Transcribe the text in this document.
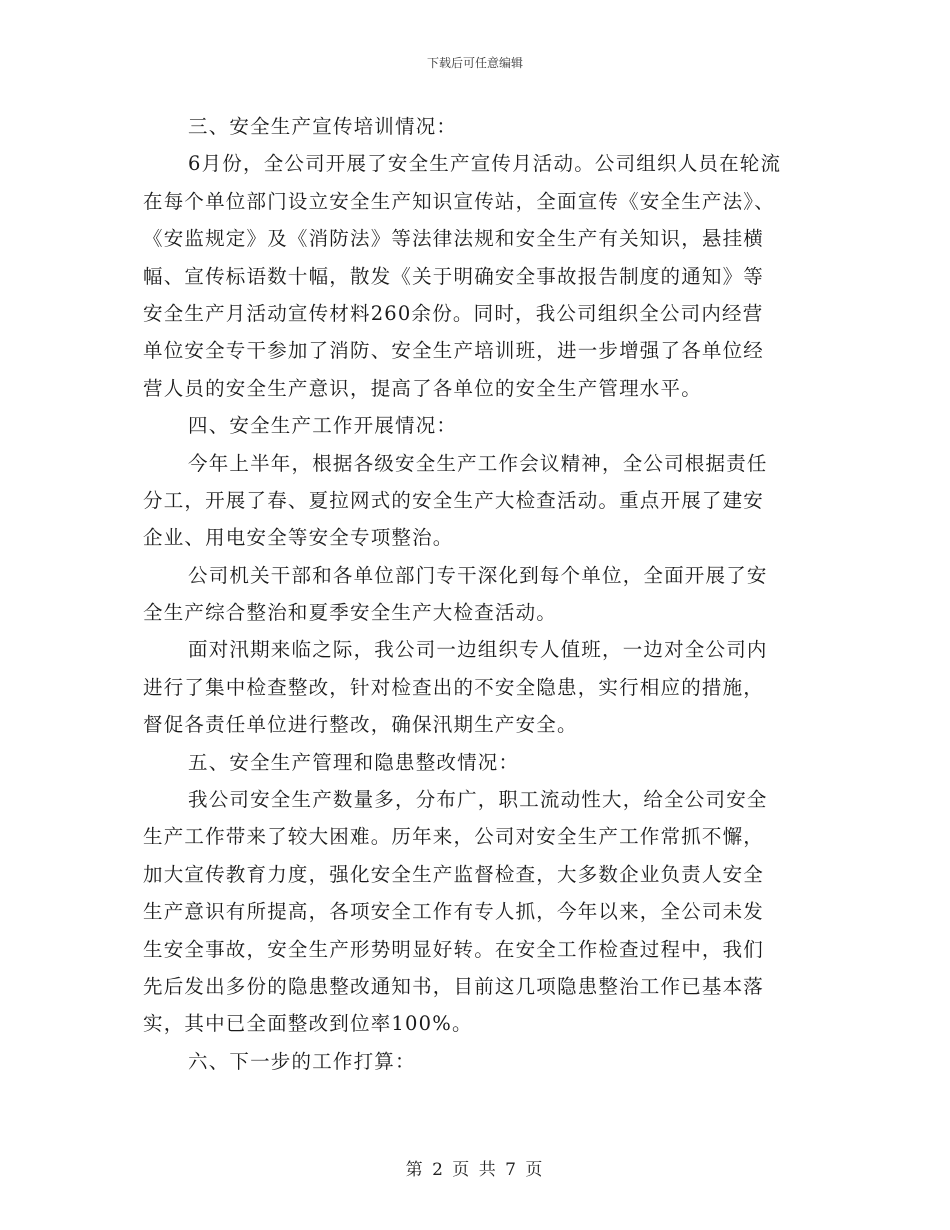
下载后可任意编辑
三、安全生产宣传培训情况：
6月份，全公司开展了安全生产宣传月活动。公司组织人员在轮流
在每个单位部门设立安全生产知识宣传站，全面宣传《安全生产法》、
《安监规定》及《消防法》等法律法规和安全生产有关知识，悬挂横
幅、宣传标语数十幅，散发《关于明确安全事故报告制度的通知》等
安全生产月活动宣传材料260余份。同时，我公司组织全公司内经营
单位安全专干参加了消防、安全生产培训班，进一步增强了各单位经
营人员的安全生产意识，提高了各单位的安全生产管理水平。
四、安全生产工作开展情况：
今年上半年，根据各级安全生产工作会议精神，全公司根据责任
分工，开展了春、夏拉网式的安全生产大检查活动。重点开展了建安
企业、用电安全等安全专项整治。
公司机关干部和各单位部门专干深化到每个单位，全面开展了安
全生产综合整治和夏季安全生产大检查活动。
面对汛期来临之际，我公司一边组织专人值班，一边对全公司内
进行了集中检查整改，针对检查出的不安全隐患，实行相应的措施，
督促各责任单位进行整改，确保汛期生产安全。
五、安全生产管理和隐患整改情况：
我公司安全生产数量多，分布广，职工流动性大，给全公司安全
生产工作带来了较大困难。历年来，公司对安全生产工作常抓不懈，
加大宣传教育力度，强化安全生产监督检查，大多数企业负责人安全
生产意识有所提高，各项安全工作有专人抓，今年以来，全公司未发
生安全事故，安全生产形势明显好转。在安全工作检查过程中，我们
先后发出多份的隐患整改通知书，目前这几项隐患整治工作已基本落
实，其中已全面整改到位率100%。
六、下一步的工作打算：
第 2 页 共 7 页
